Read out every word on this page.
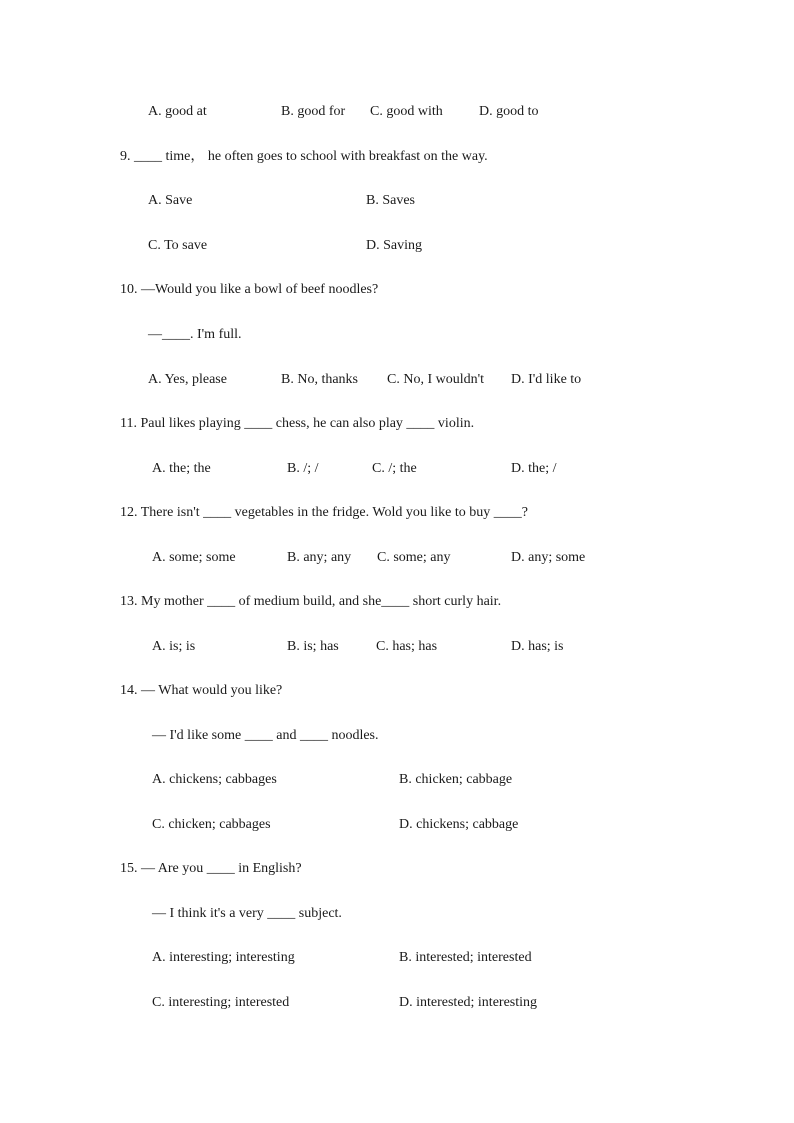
A. good at	B. good for C. good with	D. good to
9. ____ time， he often goes to school with breakfast on the way.
A. Save	B. Saves
C. To save	D. Saving
10. —Would you like a bowl of beef noodles?
—____. I'm full.
A. Yes, please	B. No, thanks C. No, I wouldn't D. I'd like to
11. Paul likes playing ____ chess, he can also play ____ violin.
A. the; the	B. /; /	C. /; the	D. the; /
12. There isn't ____ vegetables in the fridge. Wold you like to buy ____?
A. some; some	B. any; any C. some; any	D. any; some
13. My mother ____ of medium build, and she____ short curly hair.
A. is; is	B. is; has	C. has; has	D. has; is
14. — What would you like?
— I'd like some ____ and ____ noodles.
A. chickens; cabbages	B. chicken; cabbage
C. chicken; cabbages	D. chickens; cabbage
15. — Are you ____ in English?
— I think it's a very ____ subject.
A. interesting; interesting	B. interested; interested
C. interesting; interested	D. interested; interesting
